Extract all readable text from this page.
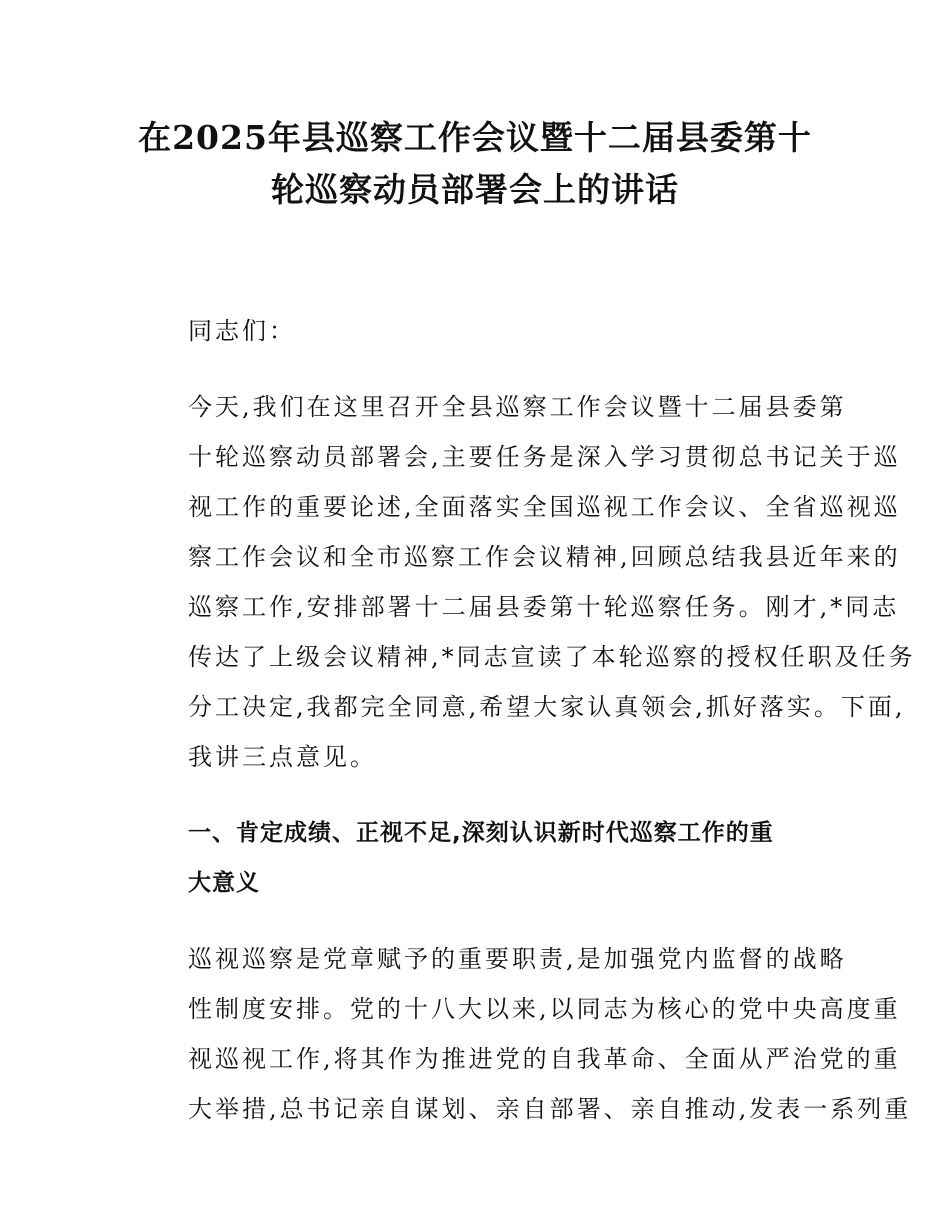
在2025年县巡察工作会议暨十二届县委第十
轮巡察动员部署会上的讲话

同志们：

今天,我们在这里召开全县巡察工作会议暨十二届县委第
十轮巡察动员部署会,主要任务是深入学习贯彻总书记关于巡
视工作的重要论述,全面落实全国巡视工作会议、全省巡视巡
察工作会议和全市巡察工作会议精神,回顾总结我县近年来的
巡察工作,安排部署十二届县委第十轮巡察任务。刚才,*同志
传达了上级会议精神,*同志宣读了本轮巡察的授权任职及任务
分工决定,我都完全同意,希望大家认真领会,抓好落实。下面,
我讲三点意见。

一、肯定成绩、正视不足,深刻认识新时代巡察工作的重
大意义

巡视巡察是党章赋予的重要职责,是加强党内监督的战略
性制度安排。党的十八大以来,以同志为核心的党中央高度重
视巡视工作,将其作为推进党的自我革命、全面从严治党的重
大举措,总书记亲自谋划、亲自部署、亲自推动,发表一系列重
